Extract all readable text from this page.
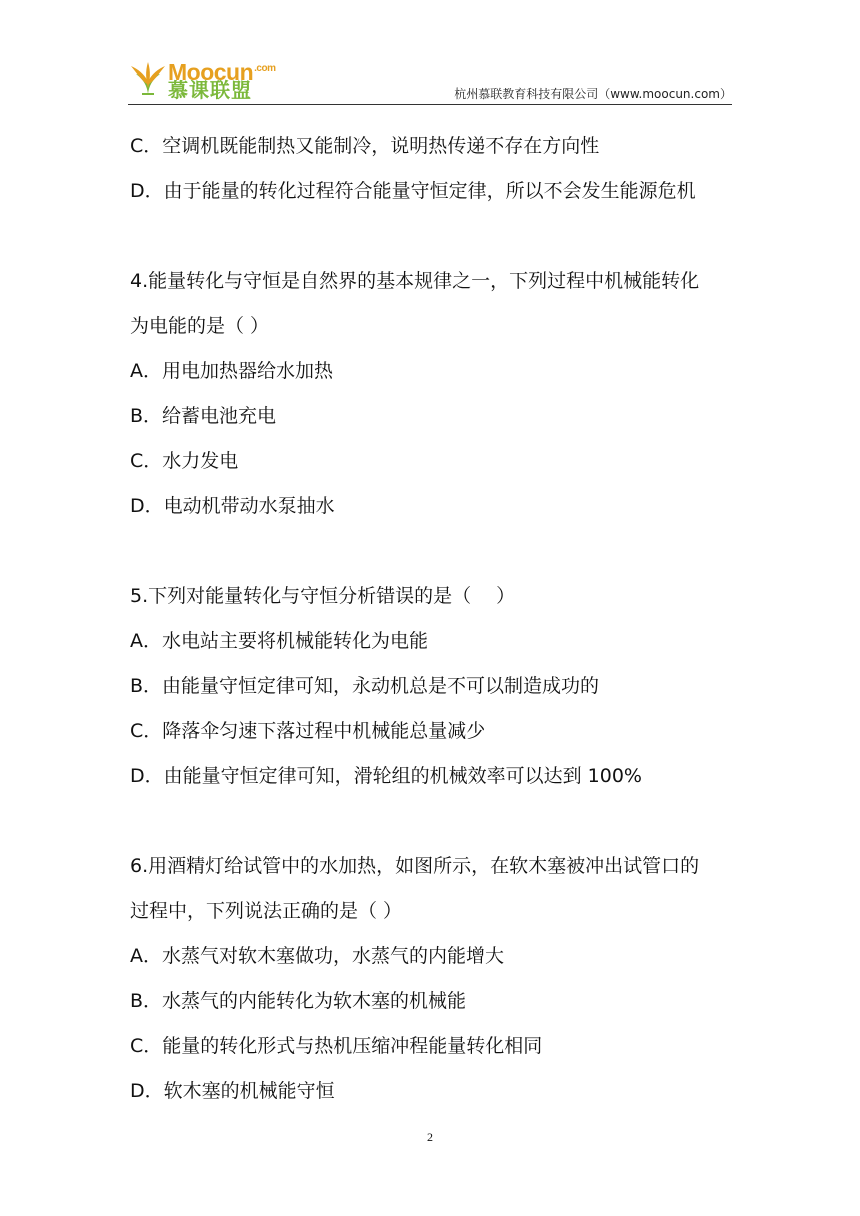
Moocun$^{.com}$
慕课联盟	杭州慕联教育科技有限公司（www.moocun.com）
C．空调机既能制热又能制冷，说明热传递不存在方向性
D．由于能量的转化过程符合能量守恒定律，所以不会发生能源危机
4.能量转化与守恒是自然界的基本规律之一，下列过程中机械能转化
为电能的是（ ）
A．用电加热器给水加热
B．给蓄电池充电
C．水力发电
D．电动机带动水泵抽水
5.下列对能量转化与守恒分析错误的是（　 ）
A．水电站主要将机械能转化为电能
B．由能量守恒定律可知，永动机总是不可以制造成功的
C．降落伞匀速下落过程中机械能总量减少
D．由能量守恒定律可知，滑轮组的机械效率可以达到 100%
6.用酒精灯给试管中的水加热，如图所示，在软木塞被冲出试管口的
过程中，下列说法正确的是（ ）
A．水蒸气对软木塞做功，水蒸气的内能增大
B．水蒸气的内能转化为软木塞的机械能
C．能量的转化形式与热机压缩冲程能量转化相同
D．软木塞的机械能守恒
2
